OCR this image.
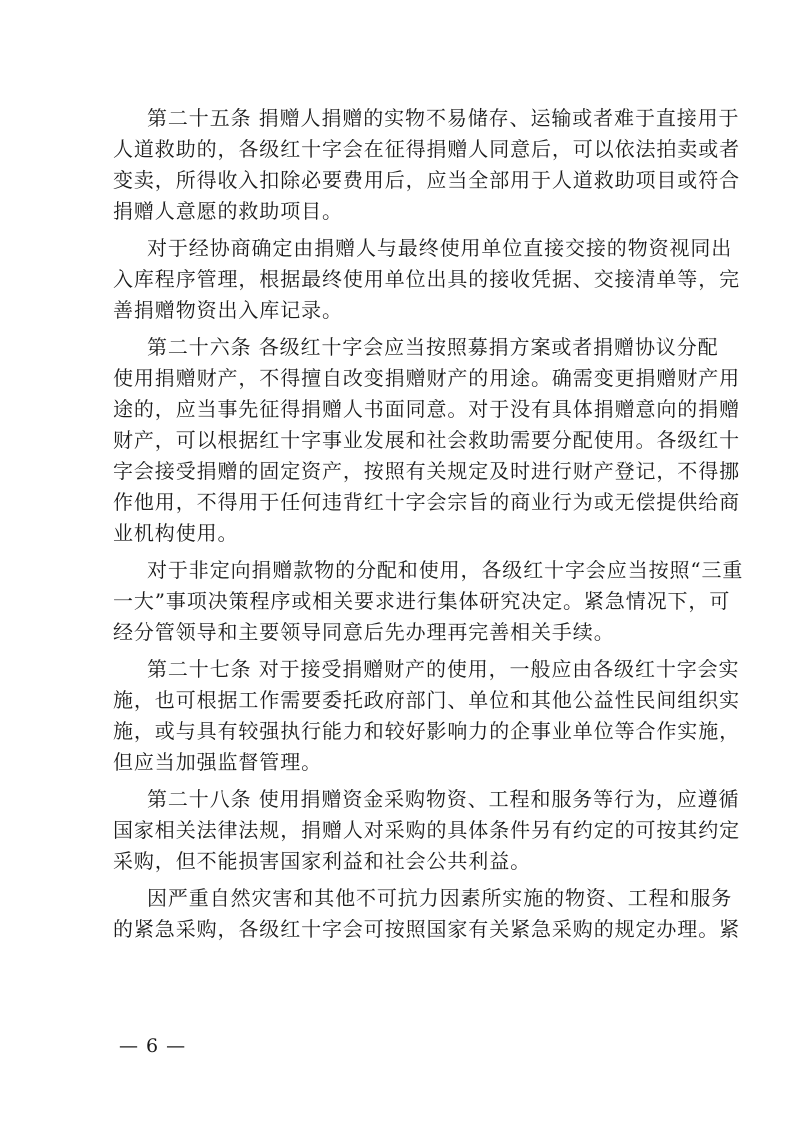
第二十五条 捐赠人捐赠的实物不易储存、运输或者难于直接用于
人道救助的，各级红十字会在征得捐赠人同意后，可以依法拍卖或者
变卖，所得收入扣除必要费用后，应当全部用于人道救助项目或符合
捐赠人意愿的救助项目。
对于经协商确定由捐赠人与最终使用单位直接交接的物资视同出
入库程序管理，根据最终使用单位出具的接收凭据、交接清单等，完
善捐赠物资出入库记录。
第二十六条 各级红十字会应当按照募捐方案或者捐赠协议分配
使用捐赠财产，不得擅自改变捐赠财产的用途。确需变更捐赠财产用
途的，应当事先征得捐赠人书面同意。对于没有具体捐赠意向的捐赠
财产，可以根据红十字事业发展和社会救助需要分配使用。各级红十
字会接受捐赠的固定资产，按照有关规定及时进行财产登记，不得挪
作他用，不得用于任何违背红十字会宗旨的商业行为或无偿提供给商
业机构使用。
对于非定向捐赠款物的分配和使用，各级红十字会应当按照“三重
一大”事项决策程序或相关要求进行集体研究决定。紧急情况下，可
经分管领导和主要领导同意后先办理再完善相关手续。
第二十七条 对于接受捐赠财产的使用，一般应由各级红十字会实
施，也可根据工作需要委托政府部门、单位和其他公益性民间组织实
施，或与具有较强执行能力和较好影响力的企事业单位等合作实施，
但应当加强监督管理。
第二十八条 使用捐赠资金采购物资、工程和服务等行为，应遵循
国家相关法律法规，捐赠人对采购的具体条件另有约定的可按其约定
采购，但不能损害国家利益和社会公共利益。
因严重自然灾害和其他不可抗力因素所实施的物资、工程和服务
的紧急采购，各级红十字会可按照国家有关紧急采购的规定办理。紧
— 6 —
